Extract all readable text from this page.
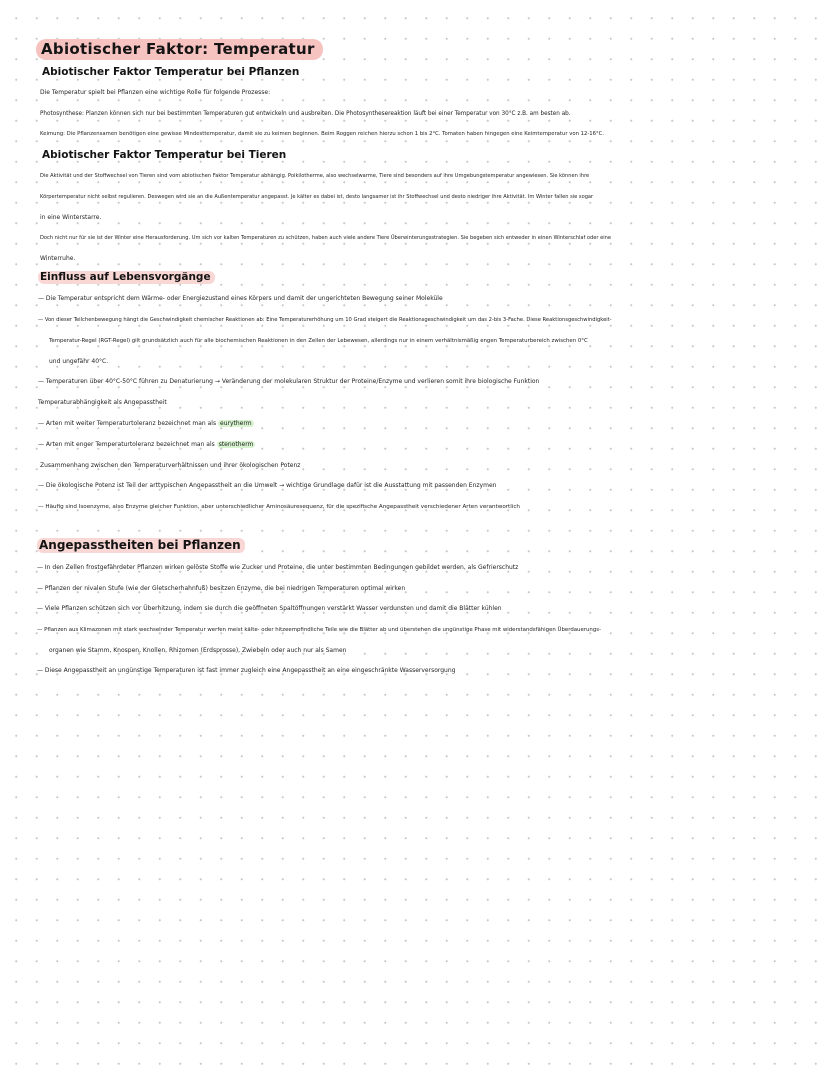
Abiotischer Faktor: Temperatur
Abiotischer Faktor Temperatur bei Pflanzen
Die Temperatur spielt bei Pflanzen eine wichtige Rolle für folgende Prozesse:
Photosynthese: Planzen können sich nur bei bestimmten Temperaturen gut entwickeln und ausbreiten. Die Photosynthesereaktion läuft bei einer Temperatur von 30°C z.B. am besten ab.
Keimung: Die Pflanzensamen benötigen eine gewisse Mindesttemperatur, damit sie zu keimen beginnen. Beim Roggen reichen hierzu schon 1 bis 2°C. Tomaten haben hingegen eine Keimtemperatur von 12-16°C.
Abiotischer Faktor Temperatur bei Tieren
Die Aktivität und der Stoffwechsel von Tieren sind vom abiotischen Faktor Temperatur abhängig. Poikilotherme, also wechselwarme, Tiere sind besonders auf ihre Umgebungstemperatur angewiesen. Sie können ihre
Körpertemperatur nicht selbst regulieren. Deswegen wird sie an die Außentemperatur angepasst. Je kälter es dabei ist, desto langsamer ist ihr Stoffwechsel und desto niedriger ihre Aktivität. Im Winter fallen sie sogar
in eine Winterstarre.
Doch nicht nur für sie ist der Winter eine Herausforderung. Um sich vor kalten Temperaturen zu schützen, haben auch viele andere Tiere Überwinterungsstrategien. Sie begeben sich entweder in einen Winterschlaf oder eine
Winterruhe.
Einfluss auf Lebensvorgänge
— Die Temperatur entspricht dem Wärme- oder Energiezustand eines Körpers und damit der ungerichteten Bewegung seiner Moleküle
— Von dieser Teilchenbewegung hängt die Geschwindigkeit chemischer Reaktionen ab: Eine Temperaturerhöhung um 10 Grad steigert die Reaktionsgeschwindigkeit um das 2-bis 3-Fache. Diese Reaktionsgeschwindigkeit-
Temperatur-Regel (RGT-Regel) gilt grundsätzlich auch für alle biochemischen Reaktionen in den Zellen der Lebewesen, allerdings nur in einem verhältnismäßig engen Temperaturbereich zwischen 0°C
und ungefähr 40°C.
— Temperaturen über 40°C-50°C führen zu Denaturierung → Veränderung der molekularen Struktur der Proteine/Enzyme und verlieren somit ihre biologische Funktion
Temperaturabhängigkeit als Angepasstheit
— Arten mit weiter Temperaturtoleranz bezeichnet man als eurytherm
— Arten mit enger Temperaturtoleranz bezeichnet man als stenotherm
Zusammenhang zwischen den Temperaturverhältnissen und ihrer ökologischen Potenz
— Die ökologische Potenz ist Teil der arttypischen Angepasstheit an die Umwelt → wichtige Grundlage dafür ist die Ausstattung mit passenden Enzymen
— Häufig sind Isoenzyme, also Enzyme gleicher Funktion, aber unterschiedlicher Aminosäuresequenz, für die spezifische Angepasstheit verschiedener Arten verantwortlich
Angepasstheiten bei Pflanzen
— In den Zellen frostgefährdeter Pflanzen wirken gelöste Stoffe wie Zucker und Proteine, die unter bestimmten Bedingungen gebildet werden, als Gefrierschutz
— Pflanzen der nivalen Stufe (wie der Gletscherhahnfuß) besitzen Enzyme, die bei niedrigen Temperaturen optimal wirken
— Viele Pflanzen schützen sich vor Überhitzung, indem sie durch die geöffneten Spaltöffnungen verstärkt Wasser verdunsten und damit die Blätter kühlen
— Pflanzen aus Klimazonen mit stark wechselnder Temperatur werfen meist kälte- oder hitzeempfindliche Teile wie die Blätter ab und überstehen die ungünstige Phase mit widerstandsfähigen Überdauerungs-
organen wie Stamm, Knospen, Knollen, Rhizomen (Erdsprosse), Zwiebeln oder auch nur als Samen
— Diese Angepasstheit an ungünstige Temperaturen ist fast immer zugleich eine Angepasstheit an eine eingeschränkte Wasserversorgung
